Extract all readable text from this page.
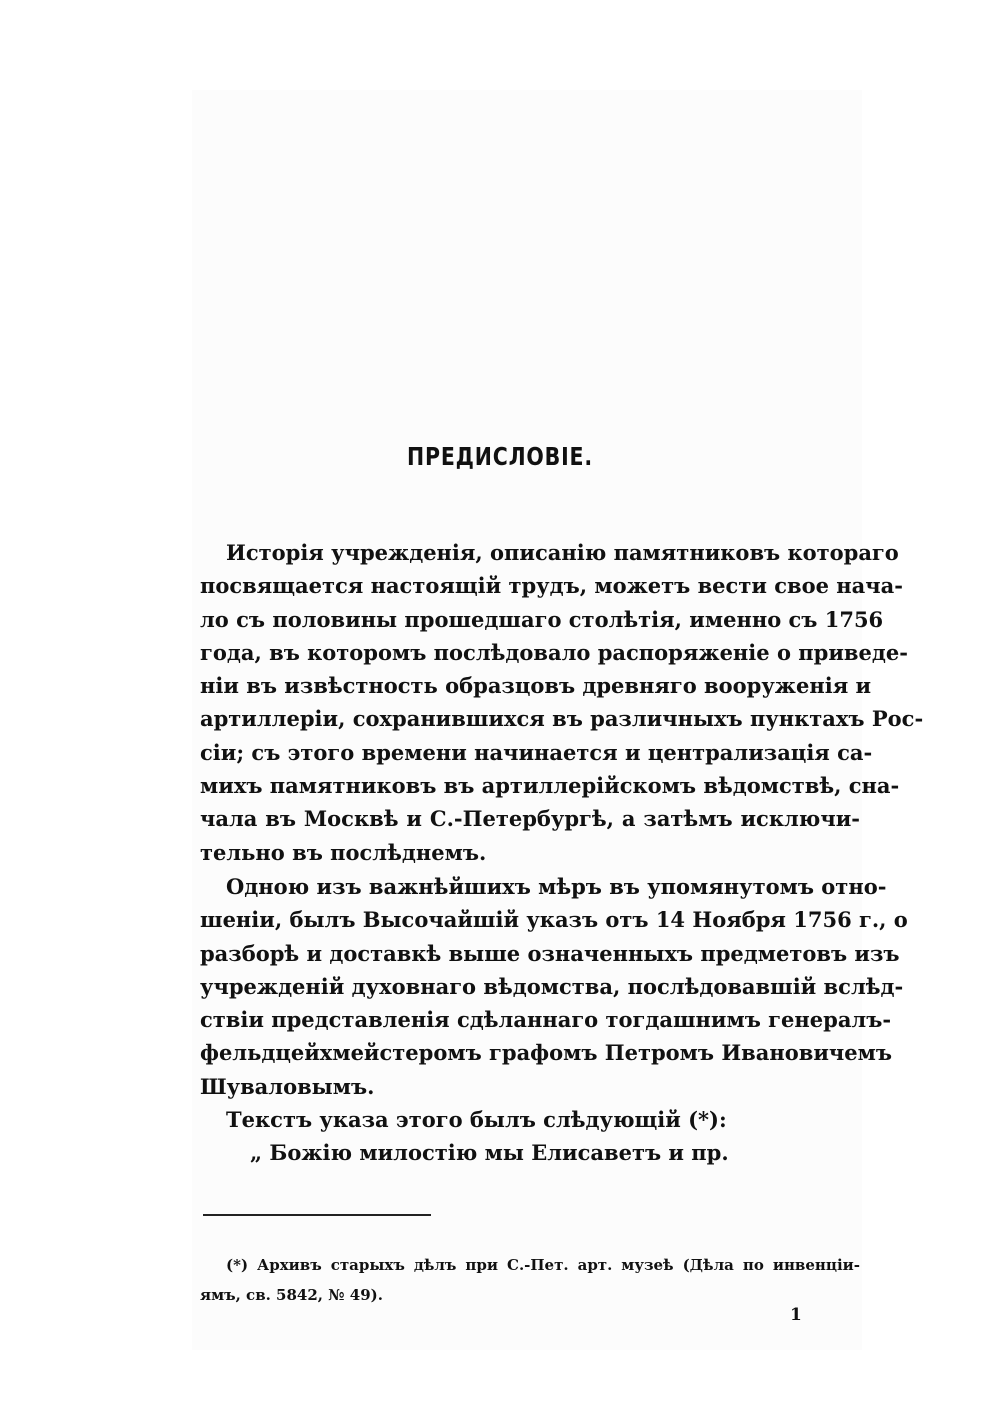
ПРЕДИСЛОВІЕ.
Исторія учрежденія, описанію памятниковъ котораго
посвящается настоящій трудъ, можетъ вести свое нача-
ло съ половины прошедшаго столѣтія, именно съ 1756
года, въ которомъ послѣдовало распоряженіе о приведе-
ніи въ извѣстность образцовъ древняго вооруженія и
артиллеріи, сохранившихся въ различныхъ пунктахъ Рос-
сіи; съ этого времени начинается и централизація са-
михъ памятниковъ въ артиллерійскомъ вѣдомствѣ, сна-
чала въ Москвѣ и С.-Петербургѣ, а затѣмъ исключи-
тельно въ послѣднемъ.
Одною изъ важнѣйшихъ мѣръ въ упомянутомъ отно-
шеніи, былъ Высочайшій указъ отъ 14 Ноября 1756 г., о
разборѣ и доставкѣ выше означенныхъ предметовъ изъ
учрежденій духовнаго вѣдомства, послѣдовавшій вслѣд-
ствіи представленія сдѣланнаго тогдашнимъ генералъ-
фельдцейхмейстеромъ графомъ Петромъ Ивановичемъ
Шуваловымъ.
Текстъ указа этого былъ слѣдующій (*):
„ Божію милостію мы Елисаветъ и пр.
(*) Архивъ старыхъ дѣлъ при С.-Пет. арт. музеѣ (Дѣла по инвенціи-
ямъ, св. 5842, № 49).
1
